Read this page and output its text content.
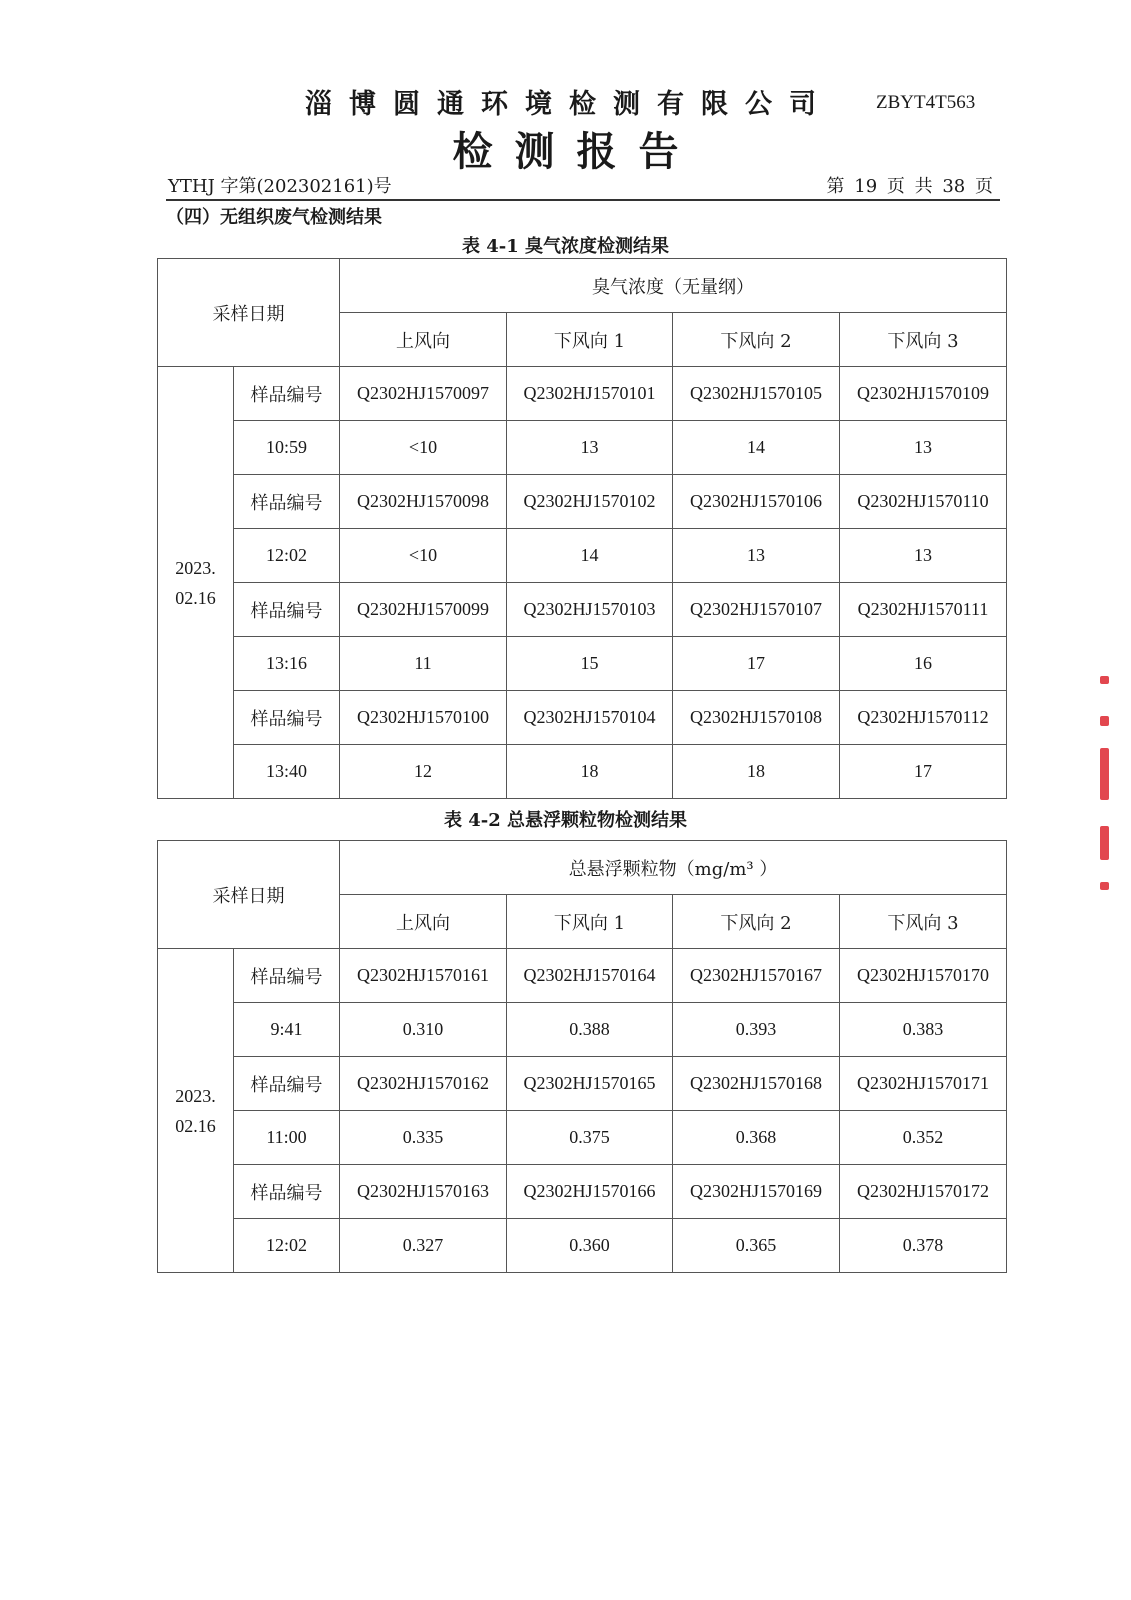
淄博圆通环境检测有限公司 ZBYT4T563
检测报告
YTHJ 字第(202302161)号	第 19 页 共 38 页
（四）无组织废气检测结果
表 4-1 臭气浓度检测结果
采样日期		臭气浓度（无量纲）			
		上风向	下风向 1	下风向 2	下风向 3

2023.
02.16	样品编号	Q2302HJ1570097	Q2302HJ1570101	Q2302HJ1570105	Q2302HJ1570109
	10:59	<10	13	14	13
	样品编号	Q2302HJ1570098	Q2302HJ1570102	Q2302HJ1570106	Q2302HJ1570110
	12:02	<10	14	13	13
	样品编号	Q2302HJ1570099	Q2302HJ1570103	Q2302HJ1570107	Q2302HJ1570111
	13:16	11	15	17	16
	样品编号	Q2302HJ1570100	Q2302HJ1570104	Q2302HJ1570108	Q2302HJ1570112
	13:40	12	18	18	17
表 4-2 总悬浮颗粒物检测结果
采样日期		总悬浮颗粒物（mg/m³ ）			
		上风向	下风向 1	下风向 2	下风向 3

2023.
02.16	样品编号	Q2302HJ1570161	Q2302HJ1570164	Q2302HJ1570167	Q2302HJ1570170
	9:41	0.310	0.388	0.393	0.383
	样品编号	Q2302HJ1570162	Q2302HJ1570165	Q2302HJ1570168	Q2302HJ1570171
	11:00	0.335	0.375	0.368	0.352
	样品编号	Q2302HJ1570163	Q2302HJ1570166	Q2302HJ1570169	Q2302HJ1570172
	12:02	0.327	0.360	0.365	0.378
